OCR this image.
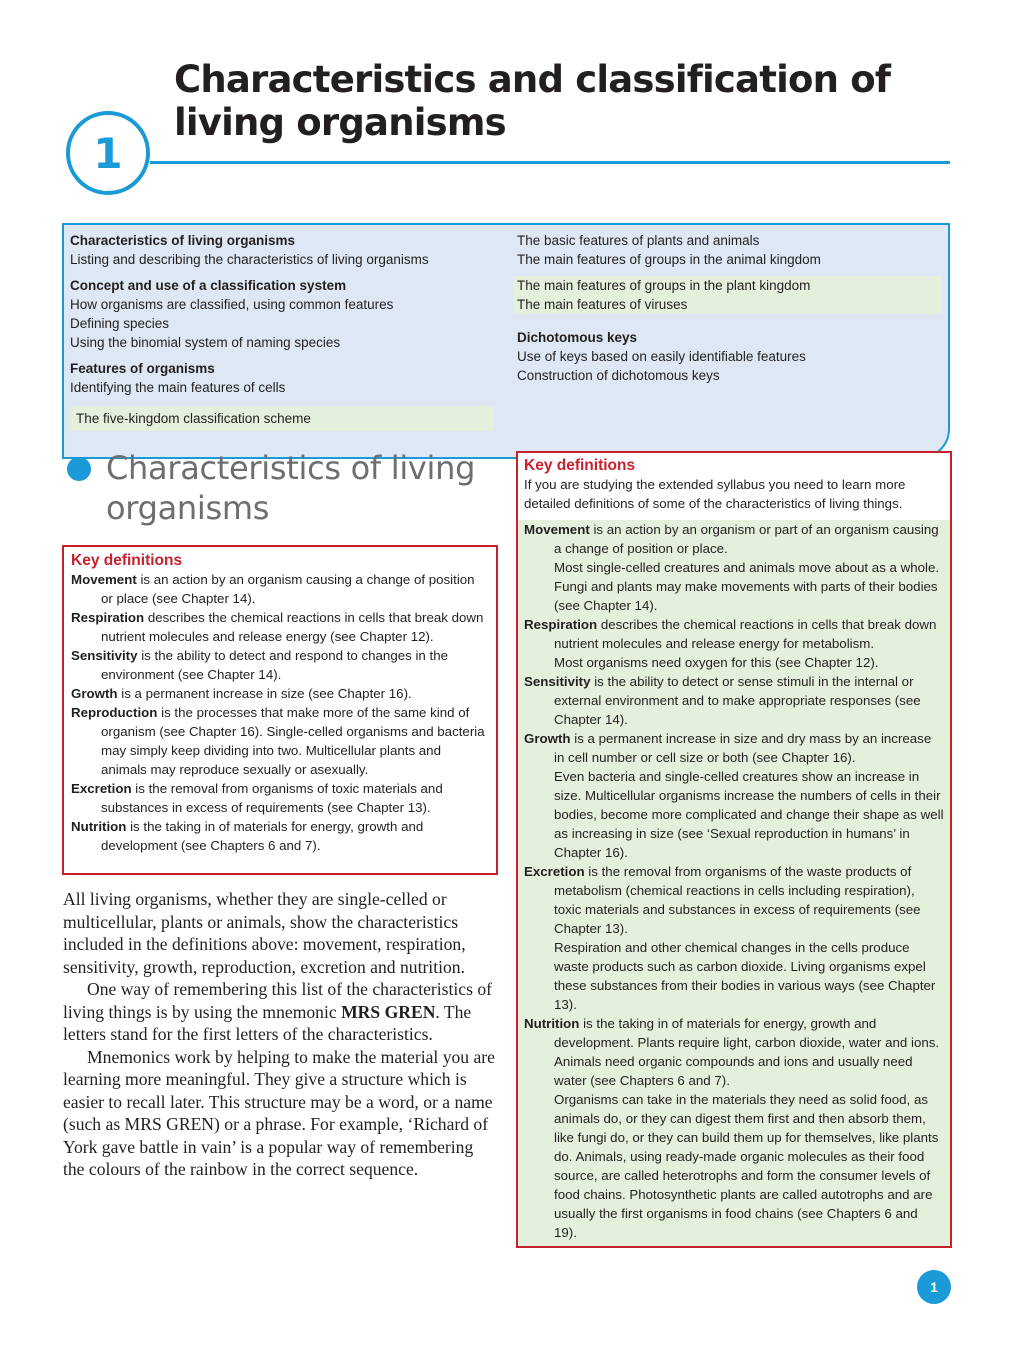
1
Characteristics and classification of
living organisms
Characteristics of living organisms
Listing and describing the characteristics of living organisms
Concept and use of a classification system
How organisms are classified, using common features
Defining species
Using the binomial system of naming species
Features of organisms
Identifying the main features of cells
The five-kingdom classification scheme
The basic features of plants and animals
The main features of groups in the animal kingdom
The main features of groups in the plant kingdom
The main features of viruses
Dichotomous keys
Use of keys based on easily identifiable features
Construction of dichotomous keys
Characteristics of living organisms
Key definitions
Movement is an action by an organism causing a change of position or place (see Chapter 14).
Respiration describes the chemical reactions in cells that break down nutrient molecules and release energy (see Chapter 12).
Sensitivity is the ability to detect and respond to changes in the environment (see Chapter 14).
Growth is a permanent increase in size (see Chapter 16).
Reproduction is the processes that make more of the same kind of organism (see Chapter 16). Single-celled organisms and bacteria may simply keep dividing into two. Multicellular plants and animals may reproduce sexually or asexually.
Excretion is the removal from organisms of toxic materials and substances in excess of requirements (see Chapter 13).
Nutrition is the taking in of materials for energy, growth and development (see Chapters 6 and 7).

All living organisms, whether they are single-celled or multicellular, plants or animals, show the characteristics included in the definitions above: movement, respiration, sensitivity, growth, reproduction, excretion and nutrition.

One way of remembering this list of the characteristics of living things is by using the mnemonic MRS GREN. The letters stand for the first letters of the characteristics.

Mnemonics work by helping to make the material you are learning more meaningful. They give a structure which is easier to recall later. This structure may be a word, or a name (such as MRS GREN) or a phrase. For example, ‘Richard of York gave battle in vain’ is a popular way of remembering the colours of the rainbow in the correct sequence.

Key definitions
If you are studying the extended syllabus you need to learn more detailed definitions of some of the characteristics of living things.
Movement is an action by an organism or part of an organism causing a change of position or place.
Most single-celled creatures and animals move about as a whole. Fungi and plants may make movements with parts of their bodies (see Chapter 14).
Respiration describes the chemical reactions in cells that break down nutrient molecules and release energy for metabolism.
Most organisms need oxygen for this (see Chapter 12).
Sensitivity is the ability to detect or sense stimuli in the internal or external environment and to make appropriate responses (see Chapter 14).
Growth is a permanent increase in size and dry mass by an increase in cell number or cell size or both (see Chapter 16).
Even bacteria and single-celled creatures show an increase in size. Multicellular organisms increase the numbers of cells in their bodies, become more complicated and change their shape as well as increasing in size (see ‘Sexual reproduction in humans’ in Chapter 16).
Excretion is the removal from organisms of the waste products of metabolism (chemical reactions in cells including respiration), toxic materials and substances in excess of requirements (see Chapter 13).
Respiration and other chemical changes in the cells produce waste products such as carbon dioxide. Living organisms expel these substances from their bodies in various ways (see Chapter 13).
Nutrition is the taking in of materials for energy, growth and development. Plants require light, carbon dioxide, water and ions. Animals need organic compounds and ions and usually need water (see Chapters 6 and 7).
Organisms can take in the materials they need as solid food, as animals do, or they can digest them first and then absorb them, like fungi do, or they can build them up for themselves, like plants do. Animals, using ready-made organic molecules as their food source, are called heterotrophs and form the consumer levels of food chains. Photosynthetic plants are called autotrophs and are usually the first organisms in food chains (see Chapters 6 and 19).
1
